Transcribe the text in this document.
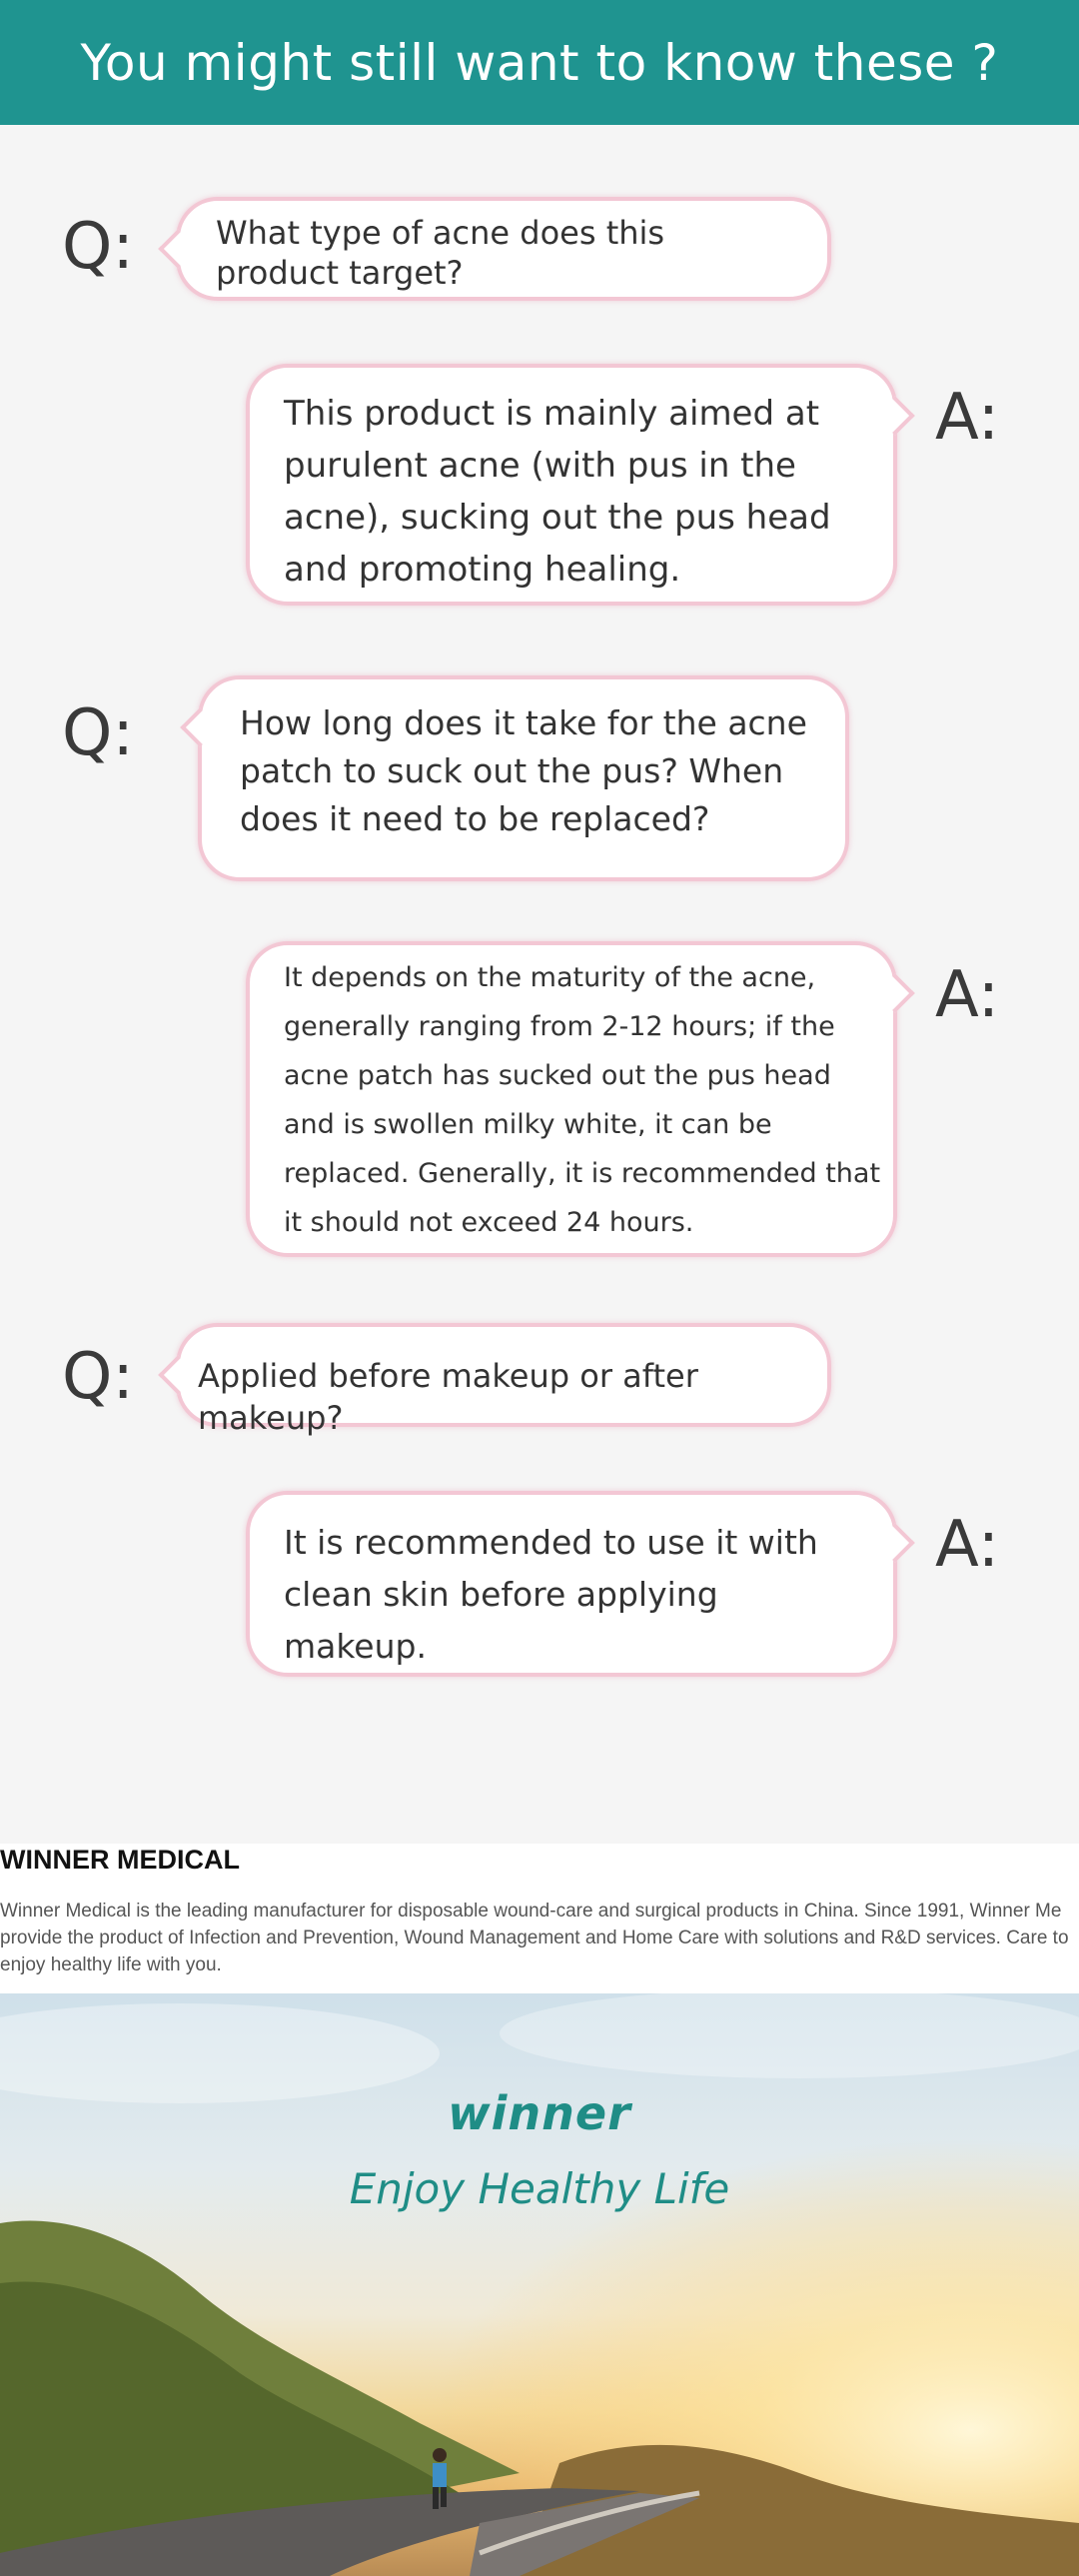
You might still want to know these ?
Q:	What type of acne does this product target?
This product is mainly aimed at purulent acne (with pus in the acne), sucking out the pus head and promoting healing.
A:
Q:	How long does it take for the acne patch to suck out the pus? When does it need to be replaced?
It depends on the maturity of the acne, generally ranging from 2-12 hours; if the acne patch has sucked out the pus head and is swollen milky white, it can be replaced. Generally, it is recommended that it should not exceed 24 hours.
A:
Q: Applied before makeup or after makeup?
It is recommended to use it with clean skin before applying makeup.
A:
WINNER MEDICAL
Winner Medical is the leading manufacturer for disposable wound-care and surgical products in China. Since 1991, Winner Me provide the product of Infection and Prevention, Wound Management and Home Care with solutions and R&D services. Care to enjoy healthy life with you.
winner
Enjoy Healthy Life
